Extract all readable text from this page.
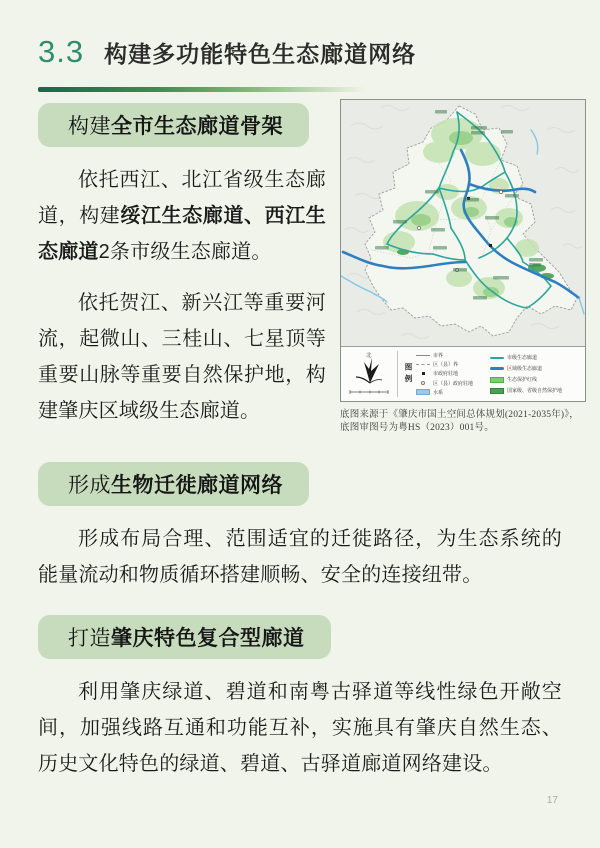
3.3 构建多功能特色生态廊道网络
构建全市生态廊道骨架

依托西江、北江省级生态廊道，构建绥江生态廊道、西江生态廊道2条市级生态廊道。

依托贺江、新兴江等重要河流，起微山、三桂山、七星顶等重要山脉等重要自然保护地，构建肇庆区域级生态廊道。

北
图例
市界
区（县）界
市政府驻地
区（县）政府驻地
水系
市级生态廊道
区域级生态廊道
生态保护红线
国家级、省级自然保护地
底图来源于《肇庆市国土空间总体规划(2021-2035年)》，
底图审图号为粤HS（2023）001号。
形成生物迁徙廊道网络

形成布局合理、范围适宜的迁徙路径，为生态系统的能量流动和物质循环搭建顺畅、安全的连接纽带。

打造肇庆特色复合型廊道

利用肇庆绿道、碧道和南粤古驿道等线性绿色开敞空间，加强线路互通和功能互补，实施具有肇庆自然生态、历史文化特色的绿道、碧道、古驿道廊道网络建设。

17
